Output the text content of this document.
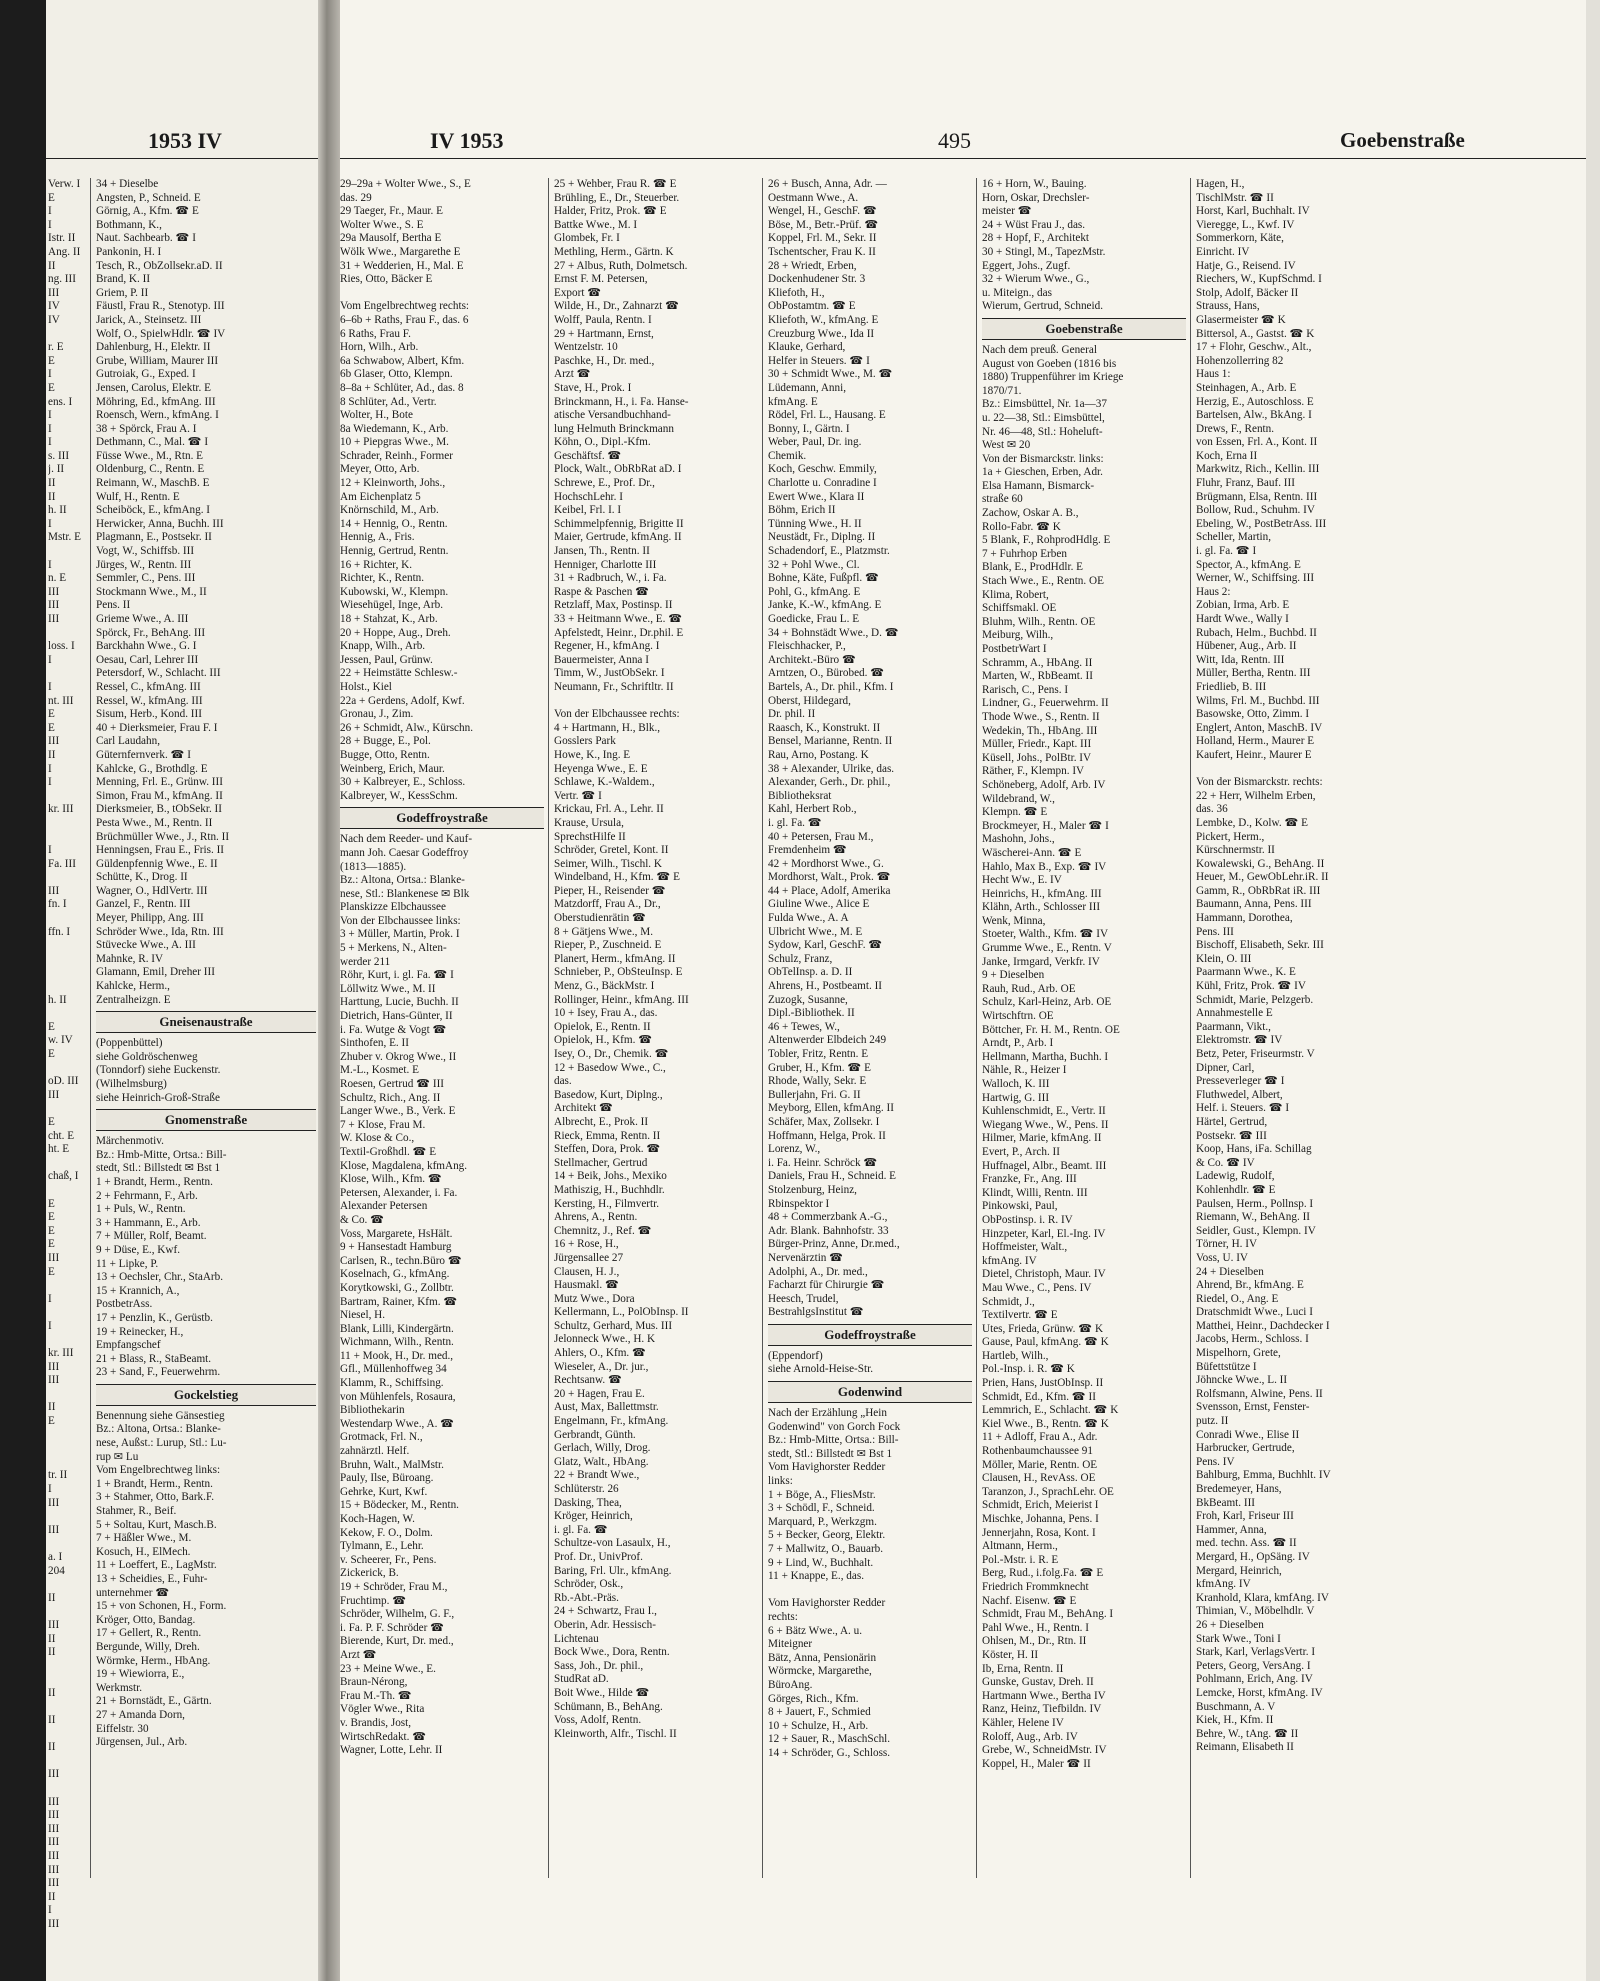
1953 IV
Verw. I
E
I
I
Istr. II
Ang. II
II
ng. III
III
IV
IV
r. E
E
I
E
ens. I
I
I
I
s. III
j. II
II
II
h. II
I
Mstr. E
I
n. E
III
III
III
loss. I
I
I
nt. III
E
E
III
II
I
I
kr. III
I
Fa. III
III
fn. I
ffn. I
h. II
E
w. IV
E
oD. III
III
E
cht. E
ht. E
chaß, I
E
E
E
E
III
E
I
I
kr. III
III
III
II
E
tr. II
I
III
III
a. I
204
II
III
II
II
II
II
II
III
III
III
III
III
III
III
III
II
I
III
34 + Dieselbe
Angsten, P., Schneid. E
Görnig, A., Kfm. ☎ E
Bothmann, K.,
Naut. Sachbearb. ☎ I
Pankonin, H. I
Tesch, R., ObZollsekr.aD. II
Brand, K. II
Griem, P. II
Fäustl, Frau R., Stenotyp. III
Jarick, A., Steinsetz. III
Wolf, O., SpielwHdlr. ☎ IV
Dahlenburg, H., Elektr. II
Grube, William, Maurer III
Gutroiak, G., Exped. I
Jensen, Carolus, Elektr. E
Möhring, Ed., kfmAng. III
Roensch, Wern., kfmAng. I
38 + Spörck, Frau A. I
Dethmann, C., Mal. ☎ I
Füsse Wwe., M., Rtn. E
Oldenburg, C., Rentn. E
Reimann, W., MaschB. E
Wulf, H., Rentn. E
Scheiböck, E., kfmAng. I
Herwicker, Anna, Buchh. III
Plagmann, E., Postsekr. II
Vogt, W., Schiffsb. III
Jürges, W., Rentn. III
Semmler, C., Pens. III
Stockmann Wwe., M., II
Pens. II
Grieme Wwe., A. III
Spörck, Fr., BehAng. III
Barckhahn Wwe., G. I
Oesau, Carl, Lehrer III
Petersdorf, W., Schlacht. III
Ressel, C., kfmAng. III
Ressel, W., kfmAng. III
Sisum, Herb., Kond. III
40 + Dierksmeier, Frau F. I
Carl Laudahn,
Güternfernverk. ☎ I
Kahlcke, G., Brothdlg. E
Menning, Frl. E., Grünw. III
Simon, Frau M., kfmAng. II
Dierksmeier, B., tObSekr. II
Pesta Wwe., M., Rentn. II
Brüchmüller Wwe., J., Rtn. II
Henningsen, Frau E., Fris. II
Güldenpfennig Wwe., E. II
Schütte, K., Drog. II
Wagner, O., HdlVertr. III
Ganzel, F., Rentn. III
Meyer, Philipp, Ang. III
Schröder Wwe., Ida, Rtn. III
Stüvecke Wwe., A. III
Mahnke, R. IV
Glamann, Emil, Dreher III
Kahlcke, Herm.,
Zentralheizgn. E
Gneisenaustraße
(Poppenbüttel)
siehe Goldröschenweg
(Tonndorf) siehe Euckenstr.
(Wilhelmsburg)
siehe Heinrich-Groß-Straße
Gnomenstraße
Märchenmotiv.
Bz.: Hmb-Mitte, Ortsa.: Bill-
stedt, Stl.: Billstedt ✉ Bst 1
1 + Brandt, Herm., Rentn.
2 + Fehrmann, F., Arb.
1 + Puls, W., Rentn.
3 + Hammann, E., Arb.
7 + Müller, Rolf, Beamt.
9 + Düse, E., Kwf.
11 + Lipke, P.
13 + Oechsler, Chr., StaArb.
15 + Krannich, A.,
PostbetrAss.
17 + Penzlin, K., Gerüstb.
19 + Reinecker, H.,
Empfangschef
21 + Blass, R., StaBeamt.
23 + Sand, F., Feuerwehrm.
Gockelstieg
Benennung siehe Gänsestieg
Bz.: Altona, Ortsa.: Blanke-
nese, Außst.: Lurup, Stl.: Lu-
rup ✉ Lu
Vom Engelbrechtweg links:
1 + Brandt, Herm., Rentn.
3 + Stahmer, Otto, Bark.F.
Stahmer, R., Beif.
5 + Soltau, Kurt, Masch.B.
7 + Häßler Wwe., M.
Kosuch, H., ElMech.
11 + Loeffert, E., LagMstr.
13 + Scheidies, E., Fuhr-
unternehmer ☎
15 + von Schonen, H., Form.
Kröger, Otto, Bandag.
17 + Gellert, R., Rentn.
Bergunde, Willy, Dreh.
Wörmke, Herm., HbAng.
19 + Wiewiorra, E.,
Werkmstr.
21 + Bornstädt, E., Gärtn.
27 + Amanda Dorn,
Eiffelstr. 30
Jürgensen, Jul., Arb.
IV 1953	495	Goebenstraße
29–29a + Wolter Wwe., S., E
das. 29
29 Taeger, Fr., Maur. E
Wolter Wwe., S. E
29a Mausolf, Bertha E
Wölk Wwe., Margarethe E
31 + Wedderien, H., Mal. E
Ries, Otto, Bäcker E
Vom Engelbrechtweg rechts:
6–6b + Raths, Frau F., das. 6
6 Raths, Frau F.
Horn, Wilh., Arb.
6a Schwabow, Albert, Kfm.
6b Glaser, Otto, Klempn.
8–8a + Schlüter, Ad., das. 8
8 Schlüter, Ad., Vertr.
Wolter, H., Bote
8a Wiedemann, K., Arb.
10 + Piepgras Wwe., M.
Schrader, Reinh., Former
Meyer, Otto, Arb.
12 + Kleinworth, Johs.,
Am Eichenplatz 5
Knörnschild, M., Arb.
14 + Hennig, O., Rentn.
Hennig, A., Fris.
Hennig, Gertrud, Rentn.
16 + Richter, K.
Richter, K., Rentn.
Kubowski, W., Klempn.
Wiesehügel, Inge, Arb.
18 + Stahzat, K., Arb.
20 + Hoppe, Aug., Dreh.
Knapp, Wilh., Arb.
Jessen, Paul, Grünw.
22 + Heimstätte Schlesw.-
Holst., Kiel
22a + Gerdens, Adolf, Kwf.
Gronau, J., Zim.
26 + Schmidt, Alw., Kürschn.
28 + Bugge, E., Pol.
Bugge, Otto, Rentn.
Weinberg, Erich, Maur.
30 + Kalbreyer, E., Schloss.
Kalbreyer, W., KessSchm.
Godeffroystraße
Nach dem Reeder- und Kauf-
mann Joh. Caesar Godeffroy
(1813—1885).
Bz.: Altona, Ortsa.: Blanke-
nese, Stl.: Blankenese ✉ Blk
Planskizze Elbchaussee
Von der Elbchaussee links:
3 + Müller, Martin, Prok. I
5 + Merkens, N., Alten-
werder 211
Röhr, Kurt, i. gl. Fa. ☎ I
Löllwitz Wwe., M. II
Harttung, Lucie, Buchh. II
Dietrich, Hans-Günter, II
i. Fa. Wutge & Vogt ☎
Sinthofen, E. II
Zhuber v. Okrog Wwe., II
M.-L., Kosmet. E
Roesen, Gertrud ☎ III
Schultz, Rich., Ang. II
Langer Wwe., B., Verk. E
7 + Klose, Frau M.
W. Klose & Co.,
Textil-Großhdl. ☎ E
Klose, Magdalena, kfmAng.
Klose, Wilh., Kfm. ☎
Petersen, Alexander, i. Fa.
Alexander Petersen
& Co. ☎
Voss, Margarete, HsHält.
9 + Hansestadt Hamburg
Carlsen, R., techn.Büro ☎
Koselnach, G., kfmAng.
Korytkowski, G., Zollbtr.
Bartram, Rainer, Kfm. ☎
Niesel, H.
Blank, Lilli, Kindergärtn.
Wichmann, Wilh., Rentn.
11 + Mook, H., Dr. med.,
Gfl., Müllenhoffweg 34
Klamm, R., Schiffsing.
von Mühlenfels, Rosaura,
Bibliothekarin
Westendarp Wwe., A. ☎
Grotmack, Frl. N.,
zahnärztl. Helf.
Bruhn, Walt., MalMstr.
Pauly, Ilse, Büroang.
Gehrke, Kurt, Kwf.
15 + Bödecker, M., Rentn.
Koch-Hagen, W.
Kekow, F. O., Dolm.
Tylmann, E., Lehr.
v. Scheerer, Fr., Pens.
Zickerick, B.
19 + Schröder, Frau M.,
Fruchtimp. ☎
Schröder, Wilhelm, G. F.,
i. Fa. P. F. Schröder ☎
Bierende, Kurt, Dr. med.,
Arzt ☎
23 + Meine Wwe., E.
Braun-Nérong,
Frau M.-Th. ☎
Vögler Wwe., Rita
v. Brandis, Jost,
WirtschRedakt. ☎
Wagner, Lotte, Lehr. II
25 + Wehber, Frau R. ☎ E
Brühling, E., Dr., Steuerber.
Halder, Fritz, Prok. ☎ E
Battke Wwe., M. I
Glombek, Fr. I
Methling, Herm., Gärtn. K
27 + Albus, Ruth, Dolmetsch.
Ernst F. M. Petersen,
Export ☎
Wilde, H., Dr., Zahnarzt ☎
Wolff, Paula, Rentn. I
29 + Hartmann, Ernst,
Wentzelstr. 10
Paschke, H., Dr. med.,
Arzt ☎
Stave, H., Prok. I
Brinckmann, H., i. Fa. Hanse-
atische Versandbuchhand-
lung Helmuth Brinckmann
Köhn, O., Dipl.-Kfm.
Geschäftsf. ☎
Plock, Walt., ObRbRat aD. I
Schrewe, E., Prof. Dr.,
HochschLehr. I
Keibel, Frl. I. I
Schimmelpfennig, Brigitte II
Maier, Gertrude, kfmAng. II
Jansen, Th., Rentn. II
Henniger, Charlotte III
31 + Radbruch, W., i. Fa.
Raspe & Paschen ☎
Retzlaff, Max, Postinsp. II
33 + Heitmann Wwe., E. ☎
Apfelstedt, Heinr., Dr.phil. E
Regener, H., kfmAng. I
Bauermeister, Anna I
Timm, W., JustObSekr. I
Neumann, Fr., Schriftltr. II
Von der Elbchaussee rechts:
4 + Hartmann, H., Blk.,
Gosslers Park
Howe, K., Ing. E
Heyenga Wwe., E. E
Schlawe, K.-Waldem.,
Vertr. ☎ I
Krickau, Frl. A., Lehr. II
Krause, Ursula,
SprechstHilfe II
Schröder, Gretel, Kont. II
Seimer, Wilh., Tischl. K
Windelband, H., Kfm. ☎ E
Pieper, H., Reisender ☎
Matzdorff, Frau A., Dr.,
Oberstudienrätin ☎
8 + Gätjens Wwe., M.
Rieper, P., Zuschneid. E
Planert, Herm., kfmAng. II
Schnieber, P., ObSteuInsp. E
Menz, G., BäckMstr. I
Rollinger, Heinr., kfmAng. III
10 + Isey, Frau A., das.
Opielok, E., Rentn. II
Opielok, H., Kfm. ☎
Isey, O., Dr., Chemik. ☎
12 + Basedow Wwe., C.,
das.
Basedow, Kurt, Diplng.,
Architekt ☎
Albrecht, E., Prok. II
Rieck, Emma, Rentn. II
Steffen, Dora, Prok. ☎
Stellmacher, Gertrud
14 + Beik, Johs., Mexiko
Mathiszig, H., Buchhdlr.
Kersting, H., Filmvertr.
Ahrens, A., Rentn.
Chemnitz, J., Ref. ☎
16 + Rose, H.,
Jürgensallee 27
Clausen, H. J.,
Hausmakl. ☎
Mutz Wwe., Dora
Kellermann, L., PolObInsp. II
Schultz, Gerhard, Mus. III
Jelonneck Wwe., H. K
Ahlers, O., Kfm. ☎
Wieseler, A., Dr. jur.,
Rechtsanw. ☎
20 + Hagen, Frau E.
Aust, Max, Ballettmstr.
Engelmann, Fr., kfmAng.
Gerbrandt, Günth.
Gerlach, Willy, Drog.
Glatz, Walt., HbAng.
22 + Brandt Wwe.,
Schlüterstr. 26
Dasking, Thea,
Kröger, Heinrich,
i. gl. Fa. ☎
Schultze-von Lasaulx, H.,
Prof. Dr., UnivProf.
Baring, Frl. Ulr., kfmAng.
Schröder, Osk.,
Rb.-Abt.-Präs.
24 + Schwartz, Frau I.,
Oberin, Adr. Hessisch-
Lichtenau
Bock Wwe., Dora, Rentn.
Sass, Joh., Dr. phil.,
StudRat aD.
Boit Wwe., Hilde ☎
Schümann, B., BehAng.
Voss, Adolf, Rentn.
Kleinworth, Alfr., Tischl. II
26 + Busch, Anna, Adr. —
Oestmann Wwe., A.
Wengel, H., GeschF. ☎
Böse, M., Betr.-Prüf. ☎
Koppel, Frl. M., Sekr. II
Tschentscher, Frau K. II
28 + Wriedt, Erben,
Dockenhudener Str. 3
Kliefoth, H.,
ObPostamtm. ☎ E
Kliefoth, W., kfmAng. E
Creuzburg Wwe., Ida II
Klauke, Gerhard,
Helfer in Steuers. ☎ I
30 + Schmidt Wwe., M. ☎
Lüdemann, Anni,
kfmAng. E
Rödel, Frl. L., Hausang. E
Bonny, I., Gärtn. I
Weber, Paul, Dr. ing.
Chemik.
Koch, Geschw. Emmily,
Charlotte u. Conradine I
Ewert Wwe., Klara II
Böhm, Erich II
Tünning Wwe., H. II
Neustädt, Fr., Diplng. II
Schadendorf, E., Platzmstr.
32 + Pohl Wwe., Cl.
Bohne, Käte, Fußpfl. ☎
Pohl, G., kfmAng. E
Janke, K.-W., kfmAng. E
Goedicke, Frau L. E
34 + Bohnstädt Wwe., D. ☎
Fleischhacker, P.,
Architekt.-Büro ☎
Arntzen, O., Bürobed. ☎
Bartels, A., Dr. phil., Kfm. I
Oberst, Hildegard,
Dr. phil. II
Raasch, K., Konstrukt. II
Bensel, Marianne, Rentn. II
Rau, Arno, Postang. K
38 + Alexander, Ulrike, das.
Alexander, Gerh., Dr. phil.,
Bibliotheksrat
Kahl, Herbert Rob.,
i. gl. Fa. ☎
40 + Petersen, Frau M.,
Fremdenheim ☎
42 + Mordhorst Wwe., G.
Mordhorst, Walt., Prok. ☎
44 + Place, Adolf, Amerika
Giuline Wwe., Alice E
Fulda Wwe., A. A
Ulbricht Wwe., M. E
Sydow, Karl, GeschF. ☎
Schulz, Franz,
ObTelInsp. a. D. II
Ahrens, H., Postbeamt. II
Zuzogk, Susanne,
Dipl.-Bibliothek. II
46 + Tewes, W.,
Altenwerder Elbdeich 249
Tobler, Fritz, Rentn. E
Gruber, H., Kfm. ☎ E
Rhode, Wally, Sekr. E
Bullerjahn, Fri. G. II
Meyborg, Ellen, kfmAng. II
Schäfer, Max, Zollsekr. I
Hoffmann, Helga, Prok. II
Lorenz, W.,
i. Fa. Heinr. Schröck ☎
Daniels, Frau H., Schneid. E
Stolzenburg, Heinz,
Rbinspektor I
48 + Commerzbank A.-G.,
Adr. Blank. Bahnhofstr. 33
Bürger-Prinz, Anne, Dr.med.,
Nervenärztin ☎
Adolphi, A., Dr. med.,
Facharzt für Chirurgie ☎
Heesch, Trudel,
BestrahlgsInstitut ☎
Godeffroystraße
(Eppendorf)
siehe Arnold-Heise-Str.
Godenwind
Nach der Erzählung „Hein
Godenwind" von Gorch Fock
Bz.: Hmb-Mitte, Ortsa.: Bill-
stedt, Stl.: Billstedt ✉ Bst 1
Vom Havighorster Redder
links:
1 + Böge, A., FliesMstr.
3 + Schödl, F., Schneid.
Marquard, P., Werkzgm.
5 + Becker, Georg, Elektr.
7 + Mallwitz, O., Bauarb.
9 + Lind, W., Buchhalt.
11 + Knappe, E., das.
Vom Havighorster Redder
rechts:
6 + Bätz Wwe., A. u.
Miteigner
Bätz, Anna, Pensionärin
Wörmcke, Margarethe,
BüroAng.
Görges, Rich., Kfm.
8 + Jauert, F., Schmied
10 + Schulze, H., Arb.
12 + Sauer, R., MaschSchl.
14 + Schröder, G., Schloss.
16 + Horn, W., Bauing.
Horn, Oskar, Drechsler-
meister ☎
24 + Wüst Frau J., das.
28 + Hopf, F., Architekt
30 + Stingl, M., TapezMstr.
Eggert, Johs., Zugf.
32 + Wierum Wwe., G.,
u. Miteign., das
Wierum, Gertrud, Schneid.
Goebenstraße
Nach dem preuß. General
August von Goeben (1816 bis
1880) Truppenführer im Kriege
1870/71.
Bz.: Eimsbüttel, Nr. 1a—37
u. 22—38, Stl.: Eimsbüttel,
Nr. 46—48, Stl.: Hoheluft-
West ✉ 20
Von der Bismarckstr. links:
1a + Gieschen, Erben, Adr.
Elsa Hamann, Bismarck-
straße 60
Zachow, Oskar A. B.,
Rollo-Fabr. ☎ K
5 Blank, F., RohprodHdlg. E
7 + Fuhrhop Erben
Blank, E., ProdHdlr. E
Stach Wwe., E., Rentn. OE
Klima, Robert,
Schiffsmakl. OE
Bluhm, Wilh., Rentn. OE
Meiburg, Wilh.,
PostbetrWart I
Schramm, A., HbAng. II
Marten, W., RbBeamt. II
Rarisch, C., Pens. I
Lindner, G., Feuerwehrm. II
Thode Wwe., S., Rentn. II
Wedekin, Th., HbAng. III
Müller, Friedr., Kapt. III
Küsell, Johs., PolBtr. IV
Räther, F., Klempn. IV
Schöneberg, Adolf, Arb. IV
Wildebrand, W.,
Klempn. ☎ E
Brockmeyer, H., Maler ☎ I
Mashohn, Johs.,
Wäscherei-Ann. ☎ E
Hahlo, Max B., Exp. ☎ IV
Hecht Ww., E. IV
Heinrichs, H., kfmAng. III
Klähn, Arth., Schlosser III
Wenk, Minna,
Stoeter, Walth., Kfm. ☎ IV
Grumme Wwe., E., Rentn. V
Janke, Irmgard, Verkfr. IV
9 + Dieselben
Rauh, Rud., Arb. OE
Schulz, Karl-Heinz, Arb. OE
Wirtschftrn. OE
Böttcher, Fr. H. M., Rentn. OE
Arndt, P., Arb. I
Hellmann, Martha, Buchh. I
Nähle, R., Heizer I
Walloch, K. III
Hartwig, G. III
Kuhlenschmidt, E., Vertr. II
Wiegang Wwe., W., Pens. II
Hilmer, Marie, kfmAng. II
Evert, P., Arch. II
Huffnagel, Albr., Beamt. III
Franzke, Fr., Ang. III
Klindt, Willi, Rentn. III
Pinkowski, Paul,
ObPostinsp. i. R. IV
Hinzpeter, Karl, El.-Ing. IV
Hoffmeister, Walt.,
kfmAng. IV
Dietel, Christoph, Maur. IV
Mau Wwe., C., Pens. IV
Schmidt, J.,
Textilvertr. ☎ E
Utes, Frieda, Grünw. ☎ K
Gause, Paul, kfmAng. ☎ K
Hartleb, Wilh.,
Pol.-Insp. i. R. ☎ K
Prien, Hans, JustObInsp. II
Schmidt, Ed., Kfm. ☎ II
Lemmrich, E., Schlacht. ☎ K
Kiel Wwe., B., Rentn. ☎ K
11 + Adloff, Frau A., Adr.
Rothenbaumchaussee 91
Möller, Marie, Rentn. OE
Clausen, H., RevAss. OE
Taranzon, J., SprachLehr. OE
Schmidt, Erich, Meierist I
Mischke, Johanna, Pens. I
Jennerjahn, Rosa, Kont. I
Altmann, Herm.,
Pol.-Mstr. i. R. E
Berg, Rud., i.folg.Fa. ☎ E
Friedrich Frommknecht
Nachf. Eisenw. ☎ E
Schmidt, Frau M., BehAng. I
Pahl Wwe., H., Rentn. I
Ohlsen, M., Dr., Rtn. II
Köster, H. II
Ib, Erna, Rentn. II
Gunske, Gustav, Dreh. II
Hartmann Wwe., Bertha IV
Ranz, Heinz, Tiefbildn. IV
Kähler, Helene IV
Roloff, Aug., Arb. IV
Grebe, W., SchneidMstr. IV
Koppel, H., Maler ☎ II
Hagen, H.,
TischlMstr. ☎ II
Horst, Karl, Buchhalt. IV
Vieregge, L., Kwf. IV
Sommerkorn, Käte,
Einricht. IV
Hatje, G., Reisend. IV
Riechers, W., KupfSchmd. I
Stolp, Adolf, Bäcker II
Strauss, Hans,
Glasermeister ☎ K
Bittersol, A., Gastst. ☎ K
17 + Flohr, Geschw., Alt.,
Hohenzollerring 82
Haus 1:
Steinhagen, A., Arb. E
Herzig, E., Autoschloss. E
Bartelsen, Alw., BkAng. I
Drews, F., Rentn.
von Essen, Frl. A., Kont. II
Koch, Erna II
Markwitz, Rich., Kellin. III
Fluhr, Franz, Bauf. III
Brügmann, Elsa, Rentn. III
Bollow, Rud., Schuhm. IV
Ebeling, W., PostBetrAss. III
Scheller, Martin,
i. gl. Fa. ☎ I
Spector, A., kfmAng. E
Werner, W., Schiffsing. III
Haus 2:
Zobian, Irma, Arb. E
Hardt Wwe., Wally I
Rubach, Helm., Buchbd. II
Hübener, Aug., Arb. II
Witt, Ida, Rentn. III
Müller, Bertha, Rentn. III
Friedlieb, B. III
Wilms, Frl. M., Buchbd. III
Basowske, Otto, Zimm. I
Englert, Anton, MaschB. IV
Holland, Herm., Maurer E
Kaufert, Heinr., Maurer E
Von der Bismarckstr. rechts:
22 + Herr, Wilhelm Erben,
das. 36
Lembke, D., Kolw. ☎ E
Pickert, Herm.,
Kürschnermstr. II
Kowalewski, G., BehAng. II
Heuer, M., GewObLehr.iR. II
Gamm, R., ObRbRat iR. III
Baumann, Anna, Pens. III
Hammann, Dorothea,
Pens. III
Bischoff, Elisabeth, Sekr. III
Klein, O. III
Paarmann Wwe., K. E
Kühl, Fritz, Prok. ☎ IV
Schmidt, Marie, Pelzgerb.
Annahmestelle E
Paarmann, Vikt.,
Elektromstr. ☎ IV
Betz, Peter, Friseurmstr. V
Dipner, Carl,
Presseverleger ☎ I
Fluthwedel, Albert,
Helf. i. Steuers. ☎ I
Härtel, Gertrud,
Postsekr. ☎ III
Koop, Hans, iFa. Schillag
& Co. ☎ IV
Ladewig, Rudolf,
Kohlenhdlr. ☎ E
Paulsen, Herm., Pollnsp. I
Riemann, W., BehAng. II
Seidler, Gust., Klempn. IV
Törner, H. IV
Voss, U. IV
24 + Dieselben
Ahrend, Br., kfmAng. E
Riedel, O., Ang. E
Dratschmidt Wwe., Luci I
Matthei, Heinr., Dachdecker I
Jacobs, Herm., Schloss. I
Mispelhorn, Grete,
Büfettstütze I
Jöhncke Wwe., L. II
Rolfsmann, Alwine, Pens. II
Svensson, Ernst, Fenster-
putz. II
Conradi Wwe., Elise II
Harbrucker, Gertrude,
Pens. IV
Bahlburg, Emma, Buchhlt. IV
Bredemeyer, Hans,
BkBeamt. III
Froh, Karl, Friseur III
Hammer, Anna,
med. techn. Ass. ☎ II
Mergard, H., OpSäng. IV
Mergard, Heinrich,
kfmAng. IV
Kranhold, Klara, kmfAng. IV
Thimian, V., Möbelhdlr. V
26 + Dieselben
Stark Wwe., Toni I
Stark, Karl, VerlagsVertr. I
Peters, Georg, VersAng. I
Pohlmann, Erich, Ang. IV
Lemcke, Horst, kfmAng. IV
Buschmann, A. V
Kiek, H., Kfm. II
Behre, W., tAng. ☎ II
Reimann, Elisabeth II
